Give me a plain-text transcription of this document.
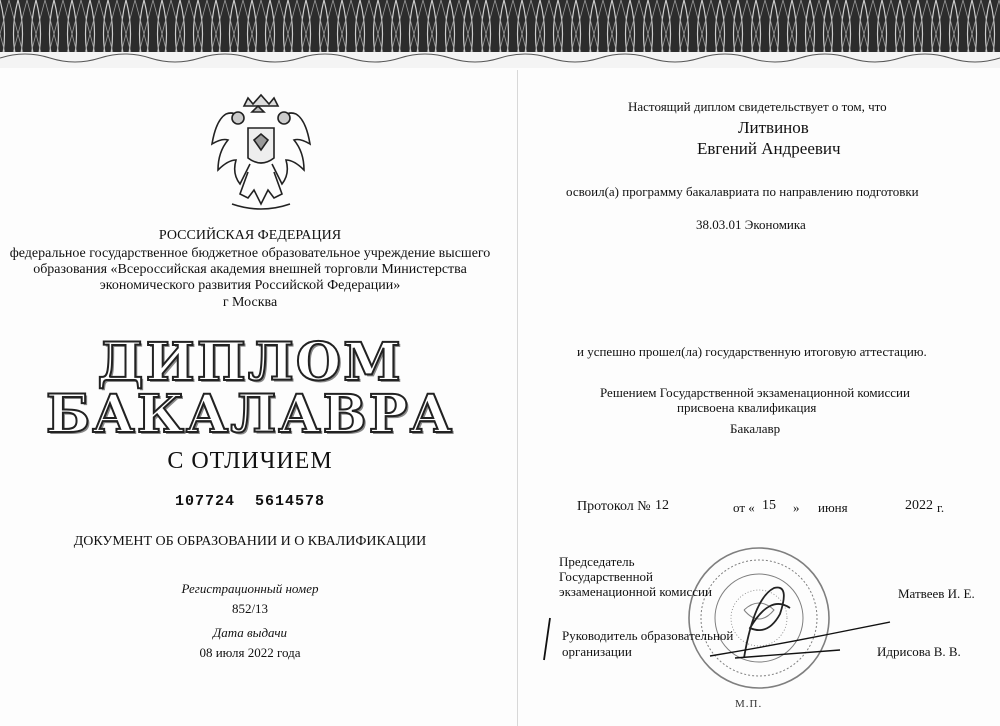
РОССИЙСКАЯ ФЕДЕРАЦИЯ
федеральное государственное бюджетное образовательное учреждение высшего
образования «Всероссийская академия внешней торговли Министерства
экономического развития Российской Федерации»
г Москва
ДИПЛОМ
БАКАЛАВРА
С ОТЛИЧИЕМ
107724  5614578
ДОКУМЕНТ ОБ ОБРАЗОВАНИИ И О КВАЛИФИКАЦИИ
Регистрационный номер
852/13
Дата выдачи
08 июля 2022 года
Настоящий диплом свидетельствует о том, что
Литвинов
Евгений Андреевич
освоил(а) программу бакалавриата по направлению подготовки
38.03.01 Экономика
и успешно прошел(ла) государственную итоговую аттестацию.
Решением Государственной экзаменационной комиссии
присвоена квалификация
Бакалавр
Протокол № 12	от « 15 » июня	2022 г.
М.П.
Председатель
Государственной
экзаменационной комиссии	Матвеев И. Е.
Руководитель образовательной
организации	Идрисова В. В.
